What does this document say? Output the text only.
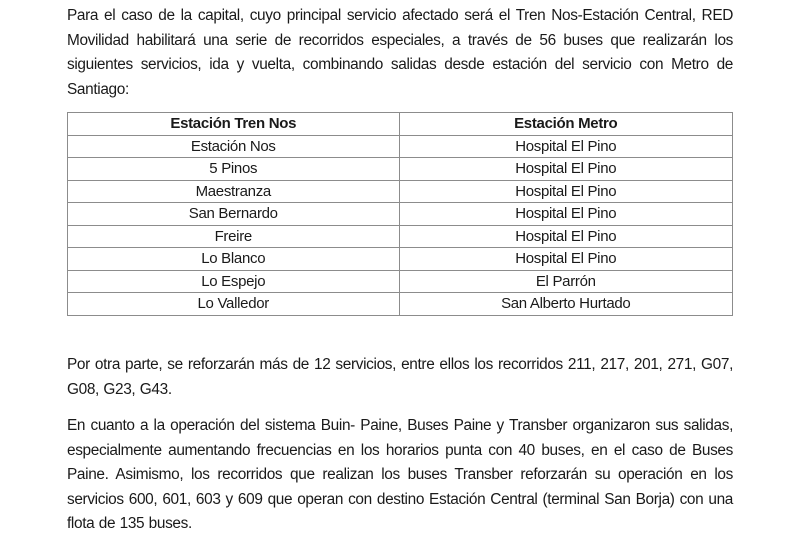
Para el caso de la capital, cuyo principal servicio afectado será el Tren Nos-Estación Central, RED Movilidad habilitará una serie de recorridos especiales, a través de 56 buses que realizarán los siguientes servicios, ida y vuelta, combinando salidas desde estación del servicio con Metro de Santiago:

Estación Tren Nos	Estación Metro
Estación Nos	Hospital El Pino
5 Pinos	Hospital El Pino
Maestranza	Hospital El Pino
San Bernardo	Hospital El Pino
Freire	Hospital El Pino
Lo Blanco	Hospital El Pino
Lo Espejo	El Parrón
Lo Valledor	San Alberto Hurtado

Por otra parte, se reforzarán más de 12 servicios, entre ellos los recorridos 211, 217, 201, 271, G07, G08, G23, G43.

En cuanto a la operación del sistema Buin- Paine, Buses Paine y Transber organizaron sus salidas, especialmente aumentando frecuencias en los horarios punta con 40 buses, en el caso de Buses Paine. Asimismo, los recorridos que realizan los buses Transber reforzarán su operación en los servicios 600, 601, 603 y 609 que operan con destino Estación Central (terminal San Borja) con una flota de 135 buses.
